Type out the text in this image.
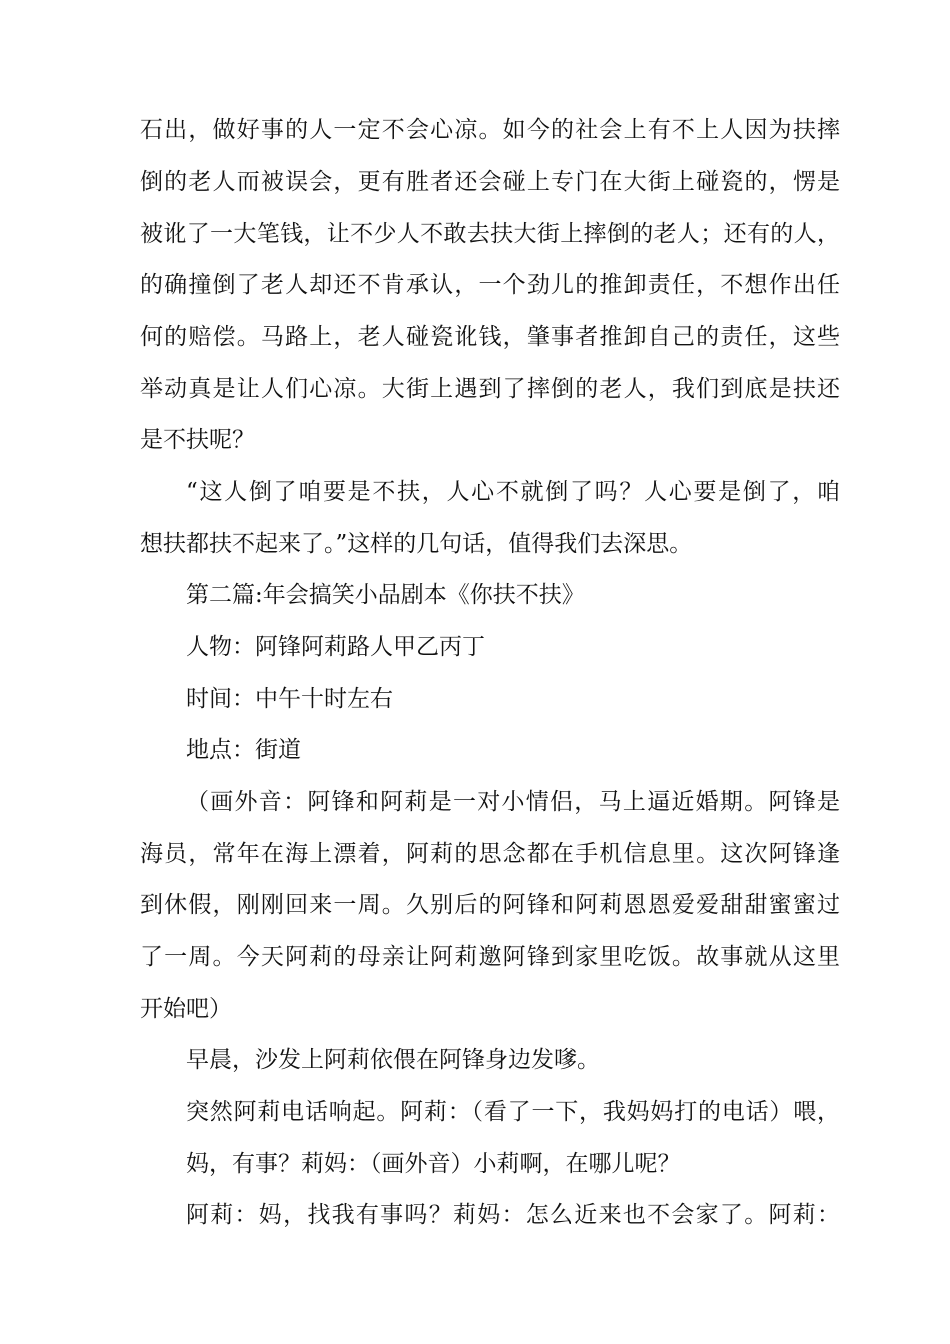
石出，做好事的人一定不会心凉。如今的社会上有不上人因为扶摔
倒的老人而被误会，更有胜者还会碰上专门在大街上碰瓷的，愣是
被讹了一大笔钱，让不少人不敢去扶大街上摔倒的老人；还有的人，
的确撞倒了老人却还不肯承认，一个劲儿的推卸责任，不想作出任
何的赔偿。马路上，老人碰瓷讹钱，肇事者推卸自己的责任，这些
举动真是让人们心凉。大街上遇到了摔倒的老人，我们到底是扶还
是不扶呢？
“这人倒了咱要是不扶，人心不就倒了吗？人心要是倒了，咱
想扶都扶不起来了。”这样的几句话，值得我们去深思。
第二篇:年会搞笑小品剧本《你扶不扶》
人物：阿锋阿莉路人甲乙丙丁
时间：中午十时左右
地点：街道
（画外音：阿锋和阿莉是一对小情侣，马上逼近婚期。阿锋是
海员，常年在海上漂着，阿莉的思念都在手机信息里。这次阿锋逢
到休假，刚刚回来一周。久别后的阿锋和阿莉恩恩爱爱甜甜蜜蜜过
了一周。今天阿莉的母亲让阿莉邀阿锋到家里吃饭。故事就从这里
开始吧）
早晨，沙发上阿莉依偎在阿锋身边发嗲。
突然阿莉电话响起。阿莉：（看了一下，我妈妈打的电话）喂，
妈，有事？莉妈：（画外音）小莉啊，在哪儿呢？
阿莉：妈，找我有事吗？莉妈：怎么近来也不会家了。阿莉：
